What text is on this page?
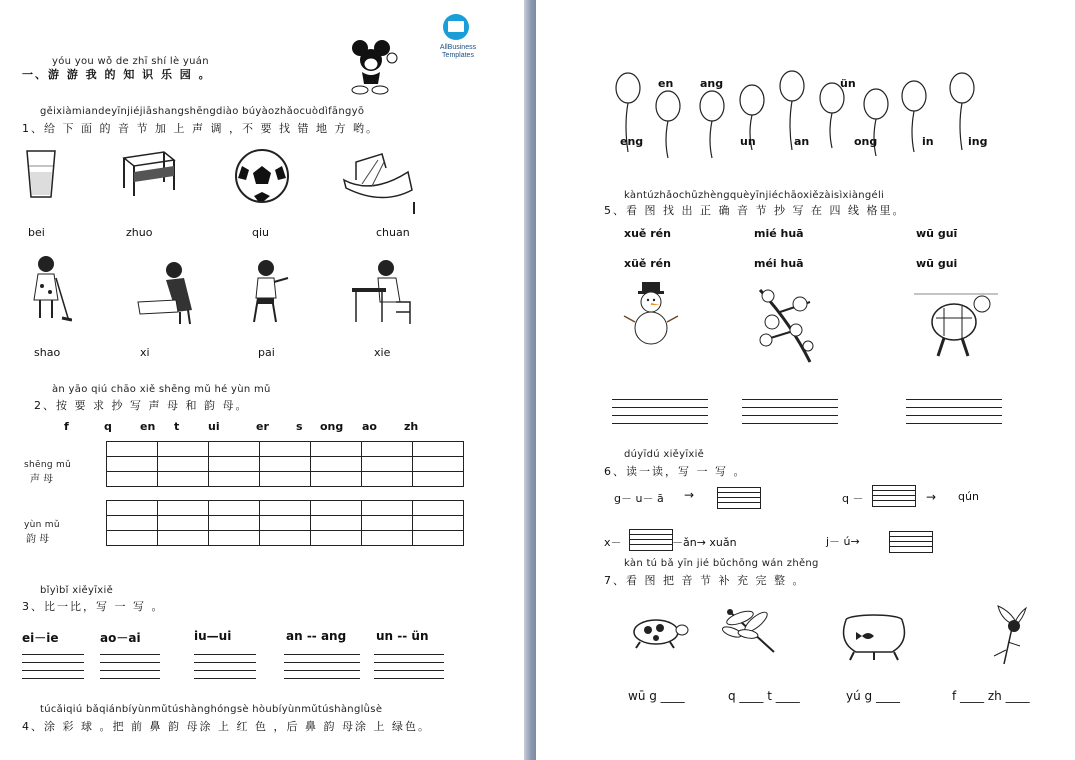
AllBusiness
Templates
yóu you wǒ de zhī shí lè yuán
一、游 游 我 的 知 识 乐 园 。
gěixiàmiandeyīnjiéjiāshangshēngdiào búyàozhǎocuòdìfāngyō
1、给 下 面 的 音 节 加 上 声 调 ，不 要 找 错 地 方 哟。
bei	zhuo	qiu	chuan
shao	xi	pai	xie
àn yāo qiú chāo xiě shēng mǔ hé yùn mǔ
2、按 要 求 抄 写 声 母 和 韵 母。
f	q	en t	ui	er s ong ao zh
shēng mǔ
声 母

yùn mǔ
韵 母

bǐyìbǐ xiěyīxiě
3、比一比，写 一 写 。
ei－ie	ao－ai	iu—ui	an -- ang un -- ün
túcǎiqiú bǎqiánbíyùnmǔtúshànghóngsè hòubíyùnmǔtúshànglǜsè
4、涂 彩 球 。把 前 鼻 韵 母涂 上 红 色 ，后 鼻 韵 母涂 上 绿色。
en ang	ün
eng	un	an	ong	in	ing
kàntúzhǎochūzhèngquèyīnjiéchāoxiězàisìxiàngéli
5、看 图 找 出 正 确 音 节 抄 写 在 四 线 格里。
xuě rén	mié huā	wū guī
xüě rén	méi huā	wū gui
dúyīdú xiěyīxiě
6、读一读，写 一 写 。
g－ u－ ā →	q －	→ qún
x－	－ǎn→ xuǎn	j－ ú→
kàn tú bǎ yīn jié bǔchōng wán zhěng
7、看 图 把 音 节 补 充 完 整 。
wū g ____	q ____ t ____	yú g ____	f ____ zh ____
